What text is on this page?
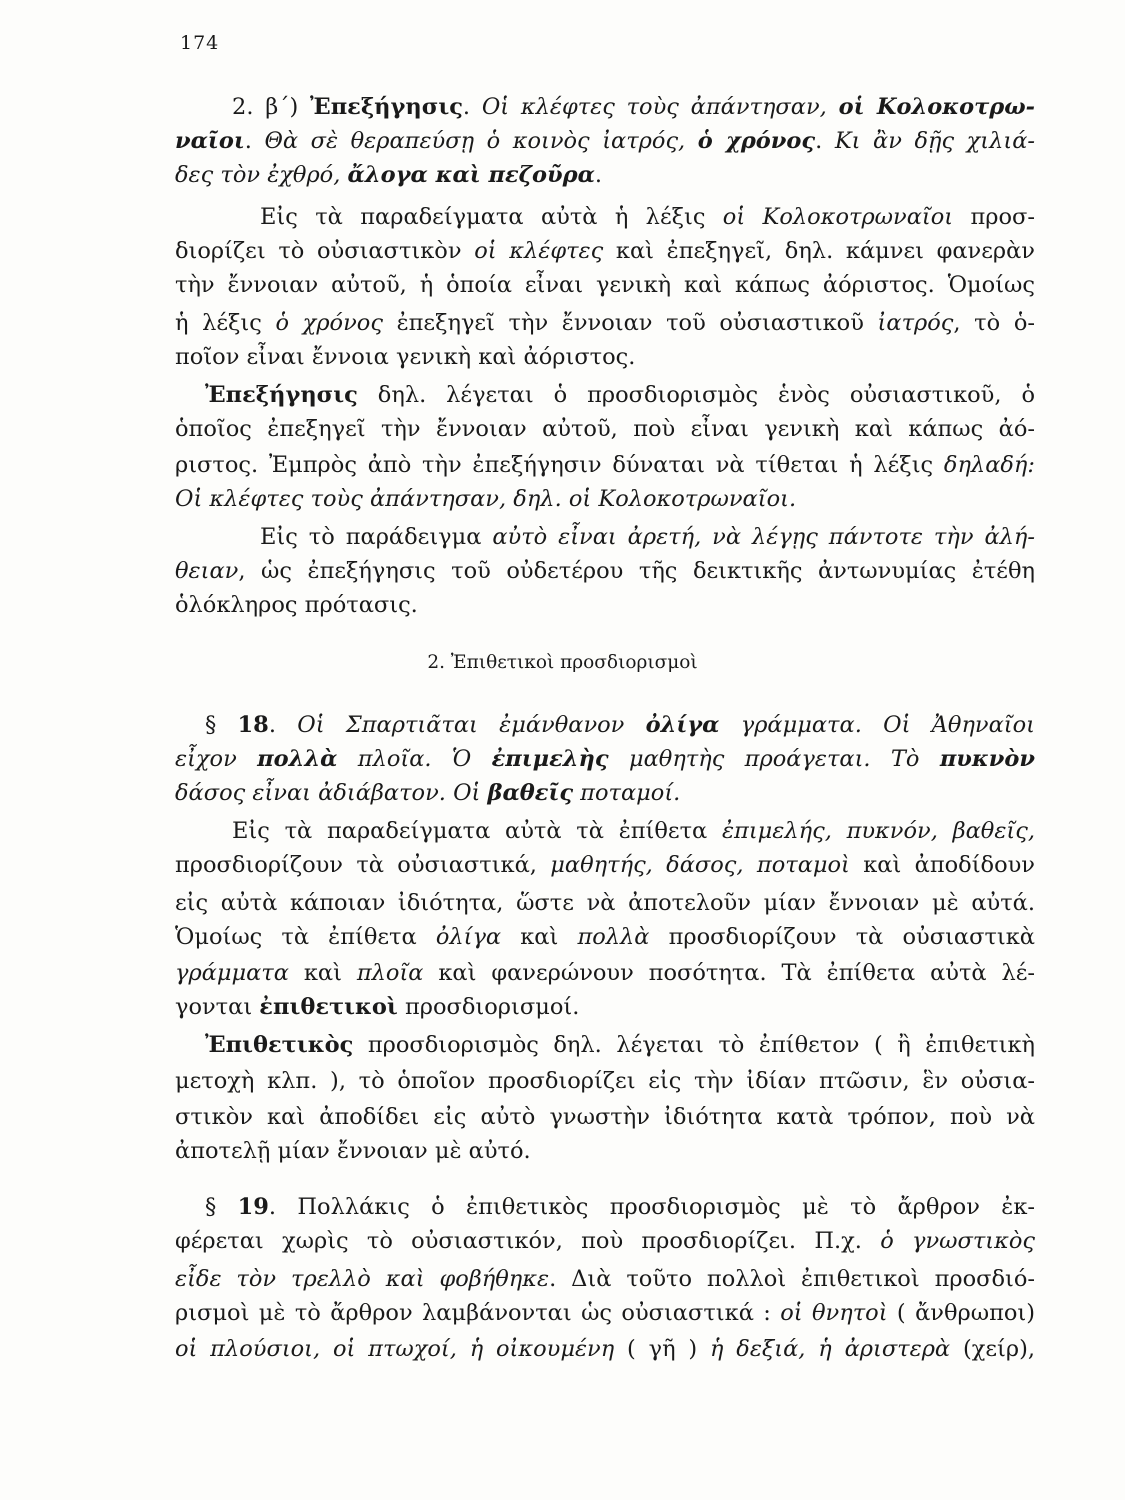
174
2. β΄) Ἐπεξήγησις. Οἱ κλέφτες τοὺς ἀπάντησαν, οἱ Κολοκοτρω-
ναῖοι. Θὰ σὲ θεραπεύσῃ ὁ κοινὸς ἰατρός, ὁ χρόνος. Κι ἂν δῇς χιλιά-
δες τὸν ἐχθρό, ἄλογα καὶ πεζοῦρα.
Εἰς τὰ παραδείγματα αὐτὰ ἡ λέξις οἱ Κολοκοτρωναῖοι προσ-
διορίζει τὸ οὐσιαστικὸν οἱ κλέφτες καὶ ἐπεξηγεῖ, δηλ. κάμνει φανερὰν
τὴν ἔννοιαν αὐτοῦ, ἡ ὁποία εἶναι γενικὴ καὶ κάπως ἀόριστος. Ὁμοίως
ἡ λέξις ὁ χρόνος ἐπεξηγεῖ τὴν ἔννοιαν τοῦ οὐσιαστικοῦ ἰατρός, τὸ ὁ-
ποῖον εἶναι ἔννοια γενικὴ καὶ ἀόριστος.
Ἐπεξήγησις δηλ. λέγεται ὁ προσδιορισμὸς ἑνὸς οὐσιαστικοῦ, ὁ
ὁποῖος ἐπεξηγεῖ τὴν ἔννοιαν αὐτοῦ, ποὺ εἶναι γενικὴ καὶ κάπως ἀό-
ριστος. Ἐμπρὸς ἀπὸ τὴν ἐπεξήγησιν δύναται νὰ τίθεται ἡ λέξις δηλαδή:
Οἱ κλέφτες τοὺς ἀπάντησαν, δηλ. οἱ Κολοκοτρωναῖοι.
Εἰς τὸ παράδειγμα αὐτὸ εἶναι ἀρετή, νὰ λέγῃς πάντοτε τὴν ἀλή-
θειαν, ὡς ἐπεξήγησις τοῦ οὐδετέρου τῆς δεικτικῆς ἀντωνυμίας ἐτέθη
ὁλόκληρος πρότασις.
2. Ἐπιθετικοὶ προσδιορισμοὶ
§ 18. Οἱ Σπαρτιᾶται ἐμάνθανον ὀλίγα γράμματα. Οἱ Ἀθηναῖοι
εἶχον πολλὰ πλοῖα. Ὁ ἐπιμελὴς μαθητὴς προάγεται. Τὸ πυκνὸν
δάσος εἶναι ἀδιάβατον. Οἱ βαθεῖς ποταμοί.
Εἰς τὰ παραδείγματα αὐτὰ τὰ ἐπίθετα ἐπιμελής, πυκνόν, βαθεῖς,
προσδιορίζουν τὰ οὐσιαστικά, μαθητής, δάσος, ποταμοὶ καὶ ἀποδίδουν
εἰς αὐτὰ κάποιαν ἰδιότητα, ὥστε νὰ ἀποτελοῦν μίαν ἔννοιαν μὲ αὐτά.
Ὁμοίως τὰ ἐπίθετα ὀλίγα καὶ πολλὰ προσδιορίζουν τὰ οὐσιαστικὰ
γράμματα καὶ πλοῖα καὶ φανερώνουν ποσότητα. Τὰ ἐπίθετα αὐτὰ λέ-
γονται ἐπιθετικοὶ προσδιορισμοί.
Ἐπιθετικὸς προσδιορισμὸς δηλ. λέγεται τὸ ἐπίθετον ( ἢ ἐπιθετικὴ
μετοχὴ κλπ. ), τὸ ὁποῖον προσδιορίζει εἰς τὴν ἰδίαν πτῶσιν, ἓν οὐσια-
στικὸν καὶ ἀποδίδει εἰς αὐτὸ γνωστὴν ἰδιότητα κατὰ τρόπον, ποὺ νὰ
ἀποτελῇ μίαν ἔννοιαν μὲ αὐτό.
§ 19. Πολλάκις ὁ ἐπιθετικὸς προσδιορισμὸς μὲ τὸ ἄρθρον ἐκ-
φέρεται χωρὶς τὸ οὐσιαστικόν, ποὺ προσδιορίζει. Π.χ. ὁ γνωστικὸς
εἶδε τὸν τρελλὸ καὶ φοβήθηκε. Διὰ τοῦτο πολλοὶ ἐπιθετικοὶ προσδιό-
ρισμοὶ μὲ τὸ ἄρθρον λαμβάνονται ὡς οὐσιαστικά : οἱ θνητοὶ ( ἄνθρωποι)
οἱ πλούσιοι, οἱ πτωχοί, ἡ οἰκουμένη ( γῆ ) ἡ δεξιά, ἡ ἀριστερὰ (χείρ),
